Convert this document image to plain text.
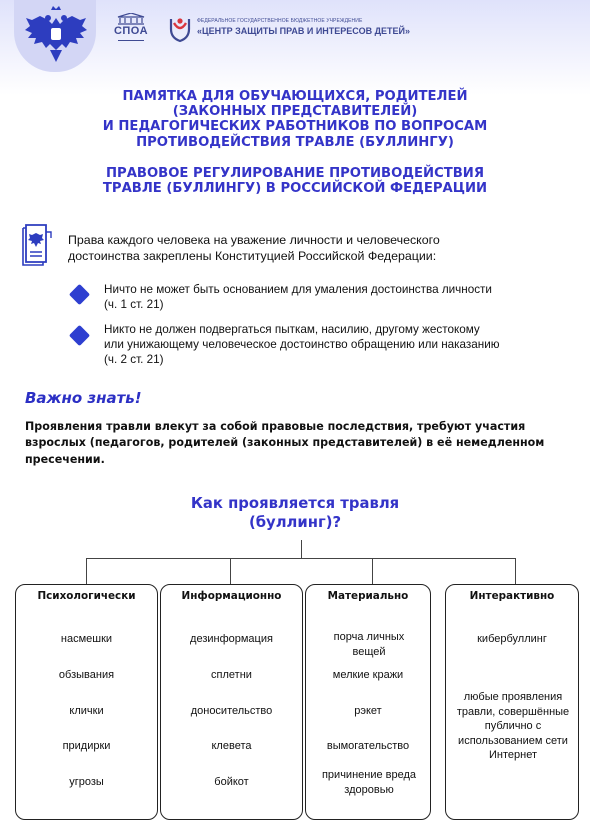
СПОА
ФЕДЕРАЛЬНОЕ ГОСУДАРСТВЕННОЕ БЮДЖЕТНОЕ УЧРЕЖДЕНИЕ
«ЦЕНТР ЗАЩИТЫ ПРАВ И ИНТЕРЕСОВ ДЕТЕЙ»
ПАМЯТКА ДЛЯ ОБУЧАЮЩИХСЯ, РОДИТЕЛЕЙ
(ЗАКОННЫХ ПРЕДСТАВИТЕЛЕЙ)
И ПЕДАГОГИЧЕСКИХ РАБОТНИКОВ ПО ВОПРОСАМ
ПРОТИВОДЕЙСТВИЯ ТРАВЛЕ (БУЛЛИНГУ)
ПРАВОВОЕ РЕГУЛИРОВАНИЕ ПРОТИВОДЕЙСТВИЯ
ТРАВЛЕ (БУЛЛИНГУ) В РОССИЙСКОЙ ФЕДЕРАЦИИ
Права каждого человека на уважение личности и человеческого
достоинства закреплены Конституцией Российской Федерации:
Ничто не может быть основанием для умаления достоинства личности
(ч. 1 ст. 21)
Никто не должен подвергаться пыткам, насилию, другому жестокому
или унижающему человеческое достоинство обращению или наказанию
(ч. 2 ст. 21)
Важно знать!
Проявления травли влекут за собой правовые последствия, требуют участия
взрослых (педагогов, родителей (законных представителей) в её немедленном
пресечении.
Как проявляется травля
(буллинг)?
Психологически
насмешки
обзывания
клички
придирки
угрозы
Информационно
дезинформация
сплетни
доносительство
клевета
бойкот
Материально
порча личных вещей
мелкие кражи
рэкет
вымогательство
причинение вреда здоровью
Интерактивно
кибербуллинг
любые проявления травли, совершённые публично с использованием сети Интернет
